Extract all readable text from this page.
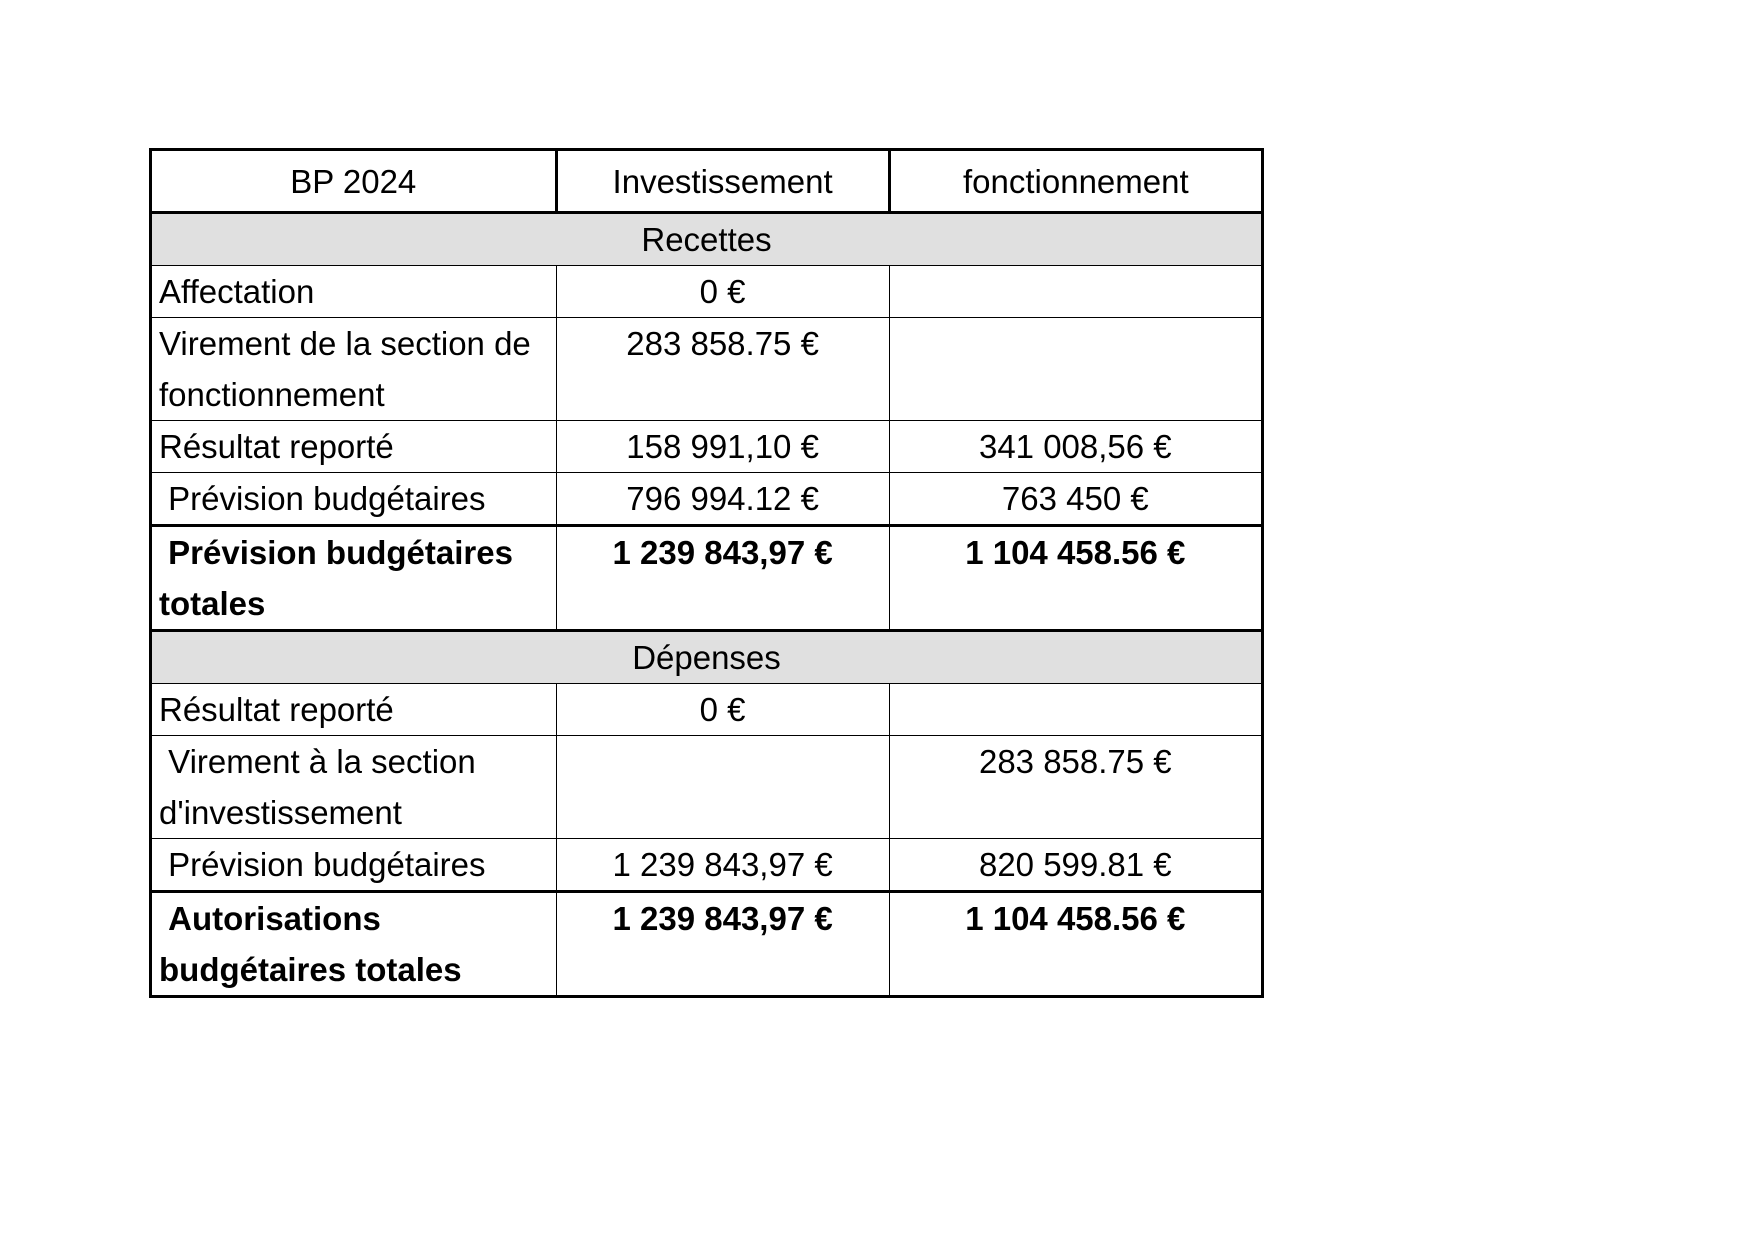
BP 2024	Investissement	fonctionnement
Recettes		
Affectation	0 €	
Virement de la section de fonctionnement	283 858.75 €	
Résultat reporté	158 991,10 €	341 008,56 €
Prévision budgétaires	796 994.12 €	763 450 €
Prévision budgétaires totales	1 239 843,97 €	1 104 458.56 €
Dépenses		
Résultat reporté	0 €	
Virement à la section d'investissement		283 858.75 €
Prévision budgétaires	1 239 843,97 €	820 599.81 €
Autorisations budgétaires totales	1 239 843,97 €	1 104 458.56 €
